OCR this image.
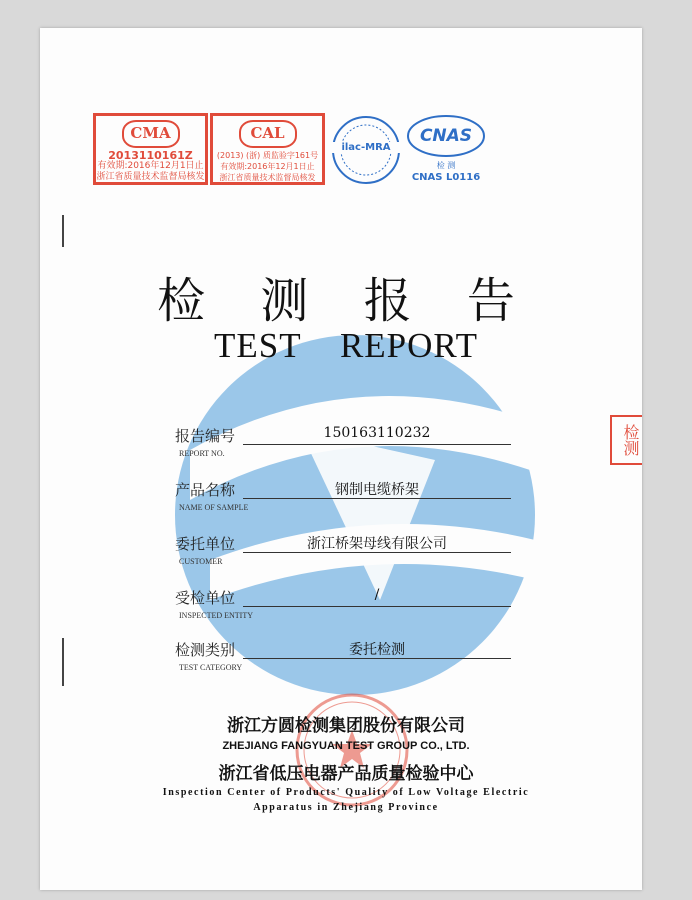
CMA
2013110161Z
有效期:2016年12月1日止
浙江省质量技术监督局核发
CAL
(2013) (浙) 质监验字161号
有效期:2016年12月1日止
浙江省质量技术监督局核发
ilac-MRA
CNAS
检 测
CNAS L0116
检 测 报 告
TEST    REPORT
报告编号	150163110232
REPORT NO.
产品名称	钢制电缆桥架
NAME OF SAMPLE
委托单位	浙江桥架母线有限公司
CUSTOMER
受检单位	/
INSPECTED ENTITY
检测类别	委托检测
TEST CATEGORY
浙江方圆检测集团股份有限公司
ZHEJIANG FANGYUAN TEST GROUP CO., LTD.
浙江省低压电器产品质量检验中心
Inspection Center of Products' Quality of Low Voltage Electric
Apparatus in Zhejiang Province
检测
